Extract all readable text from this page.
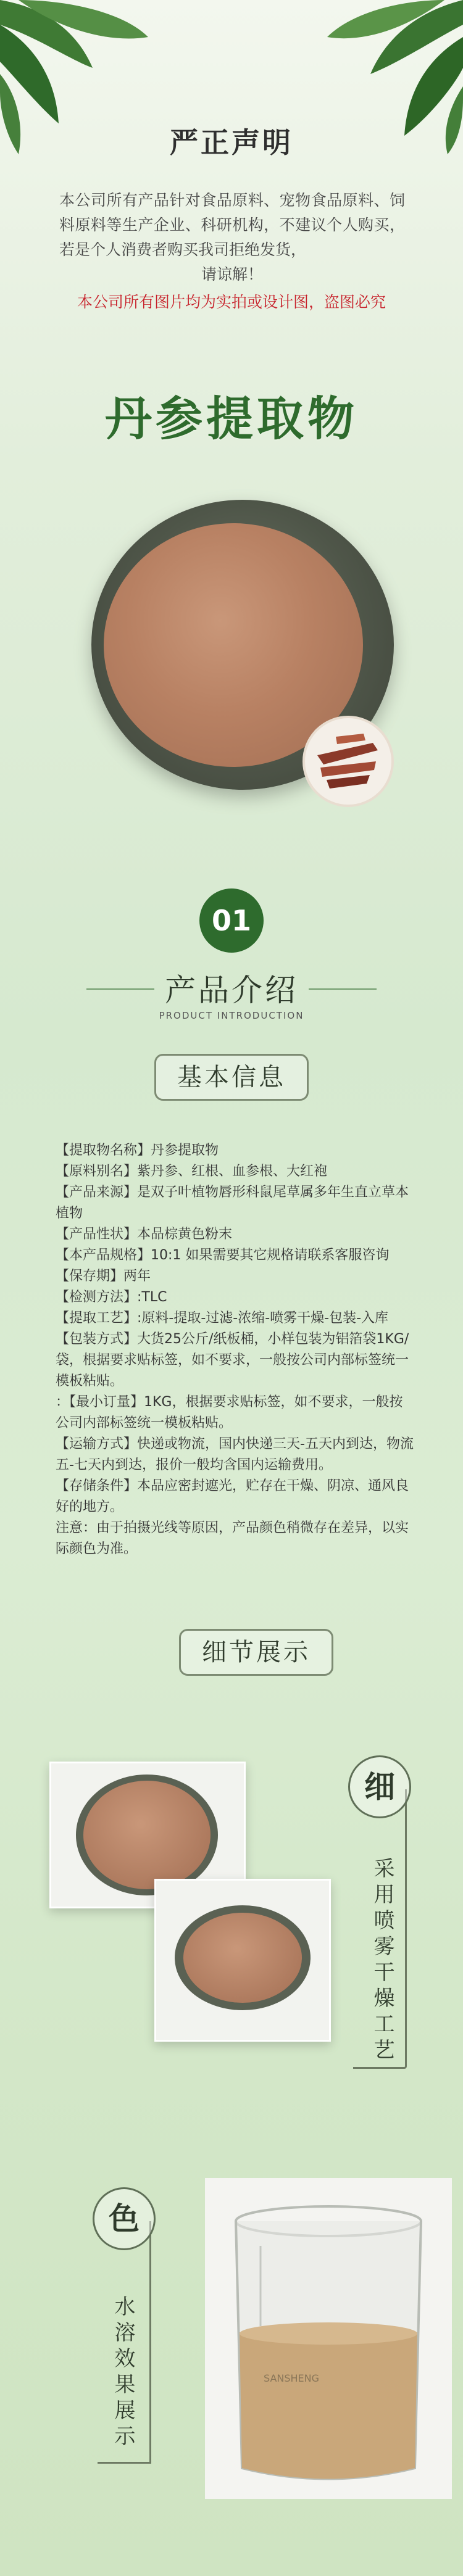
严正声明
本公司所有产品针对食品原料、宠物食品原料、饲料原料等生产企业、科研机构，不建议个人购买，若是个人消费者购买我司拒绝发货，
请谅解！
本公司所有图片均为实拍或设计图，盗图必究
丹参提取物
01
产品介绍
PRODUCT INTRODUCTION
基本信息
【提取物名称】丹参提取物
【原料别名】紫丹参、红根、血参根、大红袍
【产品来源】是双子叶植物唇形科鼠尾草属多年生直立草本植物
【产品性状】本品棕黄色粉末
【本产品规格】10:1 如果需要其它规格请联系客服咨询
【保存期】两年
【检测方法】:TLC
【提取工艺】:原料-提取-过滤-浓缩-喷雾干燥-包装-入库
【包装方式】大货25公斤/纸板桶，小样包装为铝箔袋1KG/袋，根据要求贴标签，如不要求，一般按公司内部标签统一模板粘贴。
：【最小订量】1KG，根据要求贴标签，如不要求，一般按公司内部标签统一模板粘贴。
【运输方式】快递或物流，国内快递三天-五天内到达，物流五-七天内到达，报价一般均含国内运输费用。
【存储条件】本品应密封遮光，贮存在干燥、阴凉、通风良好的地方。
注意：由于拍摄光线等原因，产品颜色稍微存在差异，以实际颜色为准。
细节展示
细
采用喷雾干燥工艺
色
水溶效果展示	SANSHENG
